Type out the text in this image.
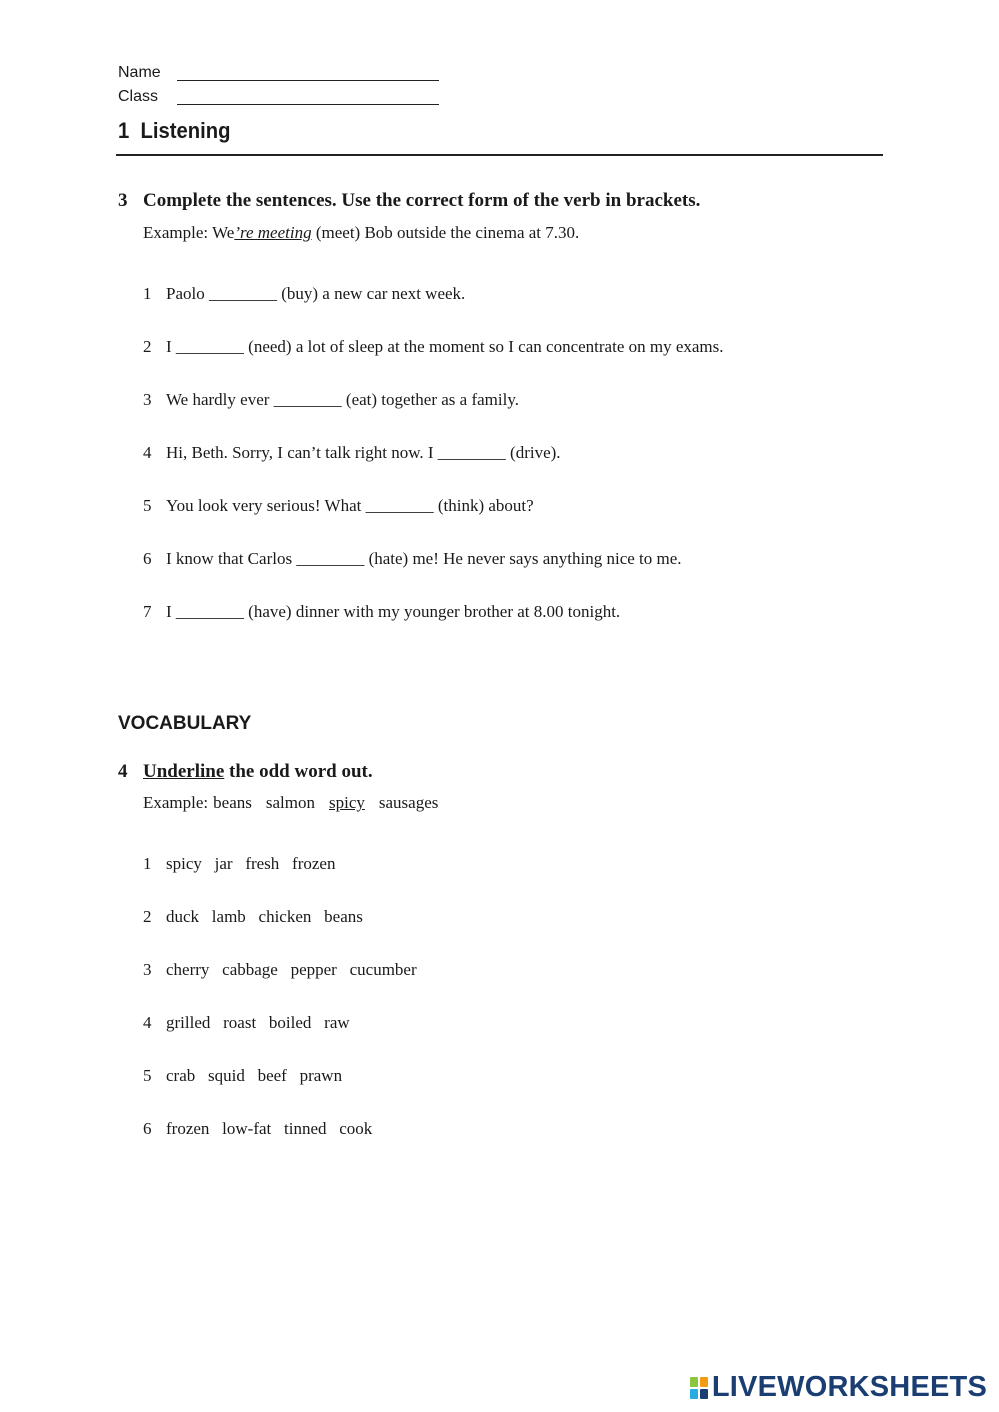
Name
Class
1  Listening
3 Complete the sentences. Use the correct form of the verb in brackets.
Example: We’re meeting (meet) Bob outside the cinema at 7.30.
1 Paolo ________ (buy) a new car next week.
2 I ________ (need) a lot of sleep at the moment so I can concentrate on my exams.
3 We hardly ever ________ (eat) together as a family.
4 Hi, Beth. Sorry, I can’t talk right now. I ________ (drive).
5 You look very serious! What ________ (think) about?
6 I know that Carlos ________ (hate) me! He never says anything nice to me.
7 I ________ (have) dinner with my younger brother at 8.00 tonight.
VOCABULARY
4 Underline the odd word out.
Example: beans salmon spicy sausages
1 spicy   jar   fresh   frozen
2 duck   lamb   chicken   beans
3 cherry   cabbage   pepper   cucumber
4 grilled   roast   boiled   raw
5 crab   squid   beef   prawn
6 frozen   low-fat   tinned   cook
LIVEWORKSHEETS
